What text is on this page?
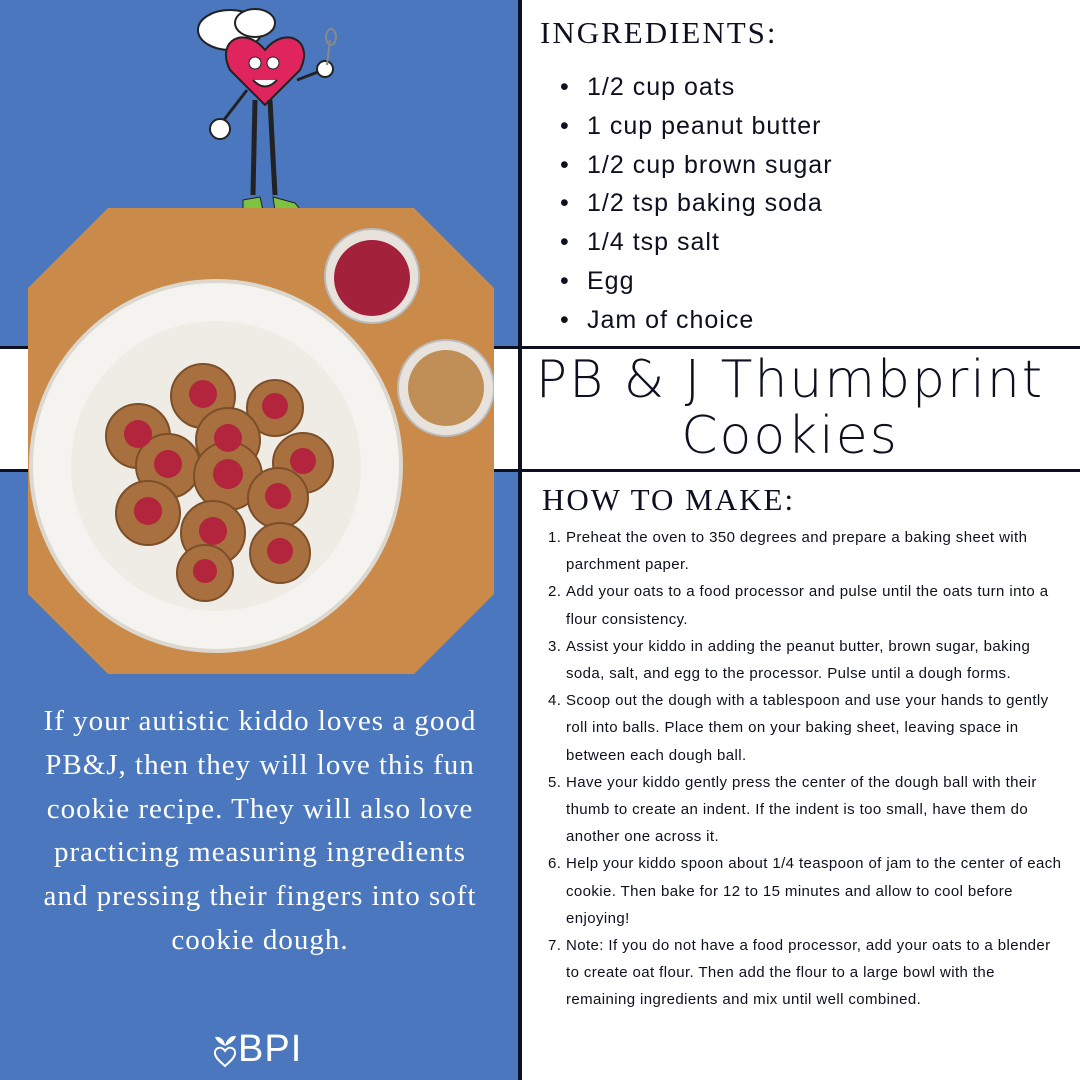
INGREDIENTS:
• 1/2 cup oats
• 1 cup peanut butter
• 1/2 cup brown sugar
• 1/2 tsp baking soda
• 1/4 tsp salt
• Egg
• Jam of choice
PB & J Thumbprint
Cookies
HOW TO MAKE:
1. Preheat the oven to 350 degrees and prepare a baking sheet with parchment paper.
2. Add your oats to a food processor and pulse until the oats turn into a flour consistency.
3. Assist your kiddo in adding the peanut butter, brown sugar, baking soda, salt, and egg to the processor. Pulse until a dough forms.
4. Scoop out the dough with a tablespoon and use your hands to gently roll into balls. Place them on your baking sheet, leaving space in between each dough ball.
5. Have your kiddo gently press the center of the dough ball with their thumb to create an indent. If the indent is too small, have them do another one across it.
6. Help your kiddo spoon about 1/4 teaspoon of jam to the center of each cookie. Then bake for 12 to 15 minutes and allow to cool before enjoying!
7. Note: If you do not have a food processor, add your oats to a blender to create oat flour. Then add the flour to a large bowl with the remaining ingredients and mix until well combined.
If your autistic kiddo loves a good PB&J, then they will love this fun cookie recipe. They will also love practicing measuring ingredients and pressing their fingers into soft cookie dough.
BPI
